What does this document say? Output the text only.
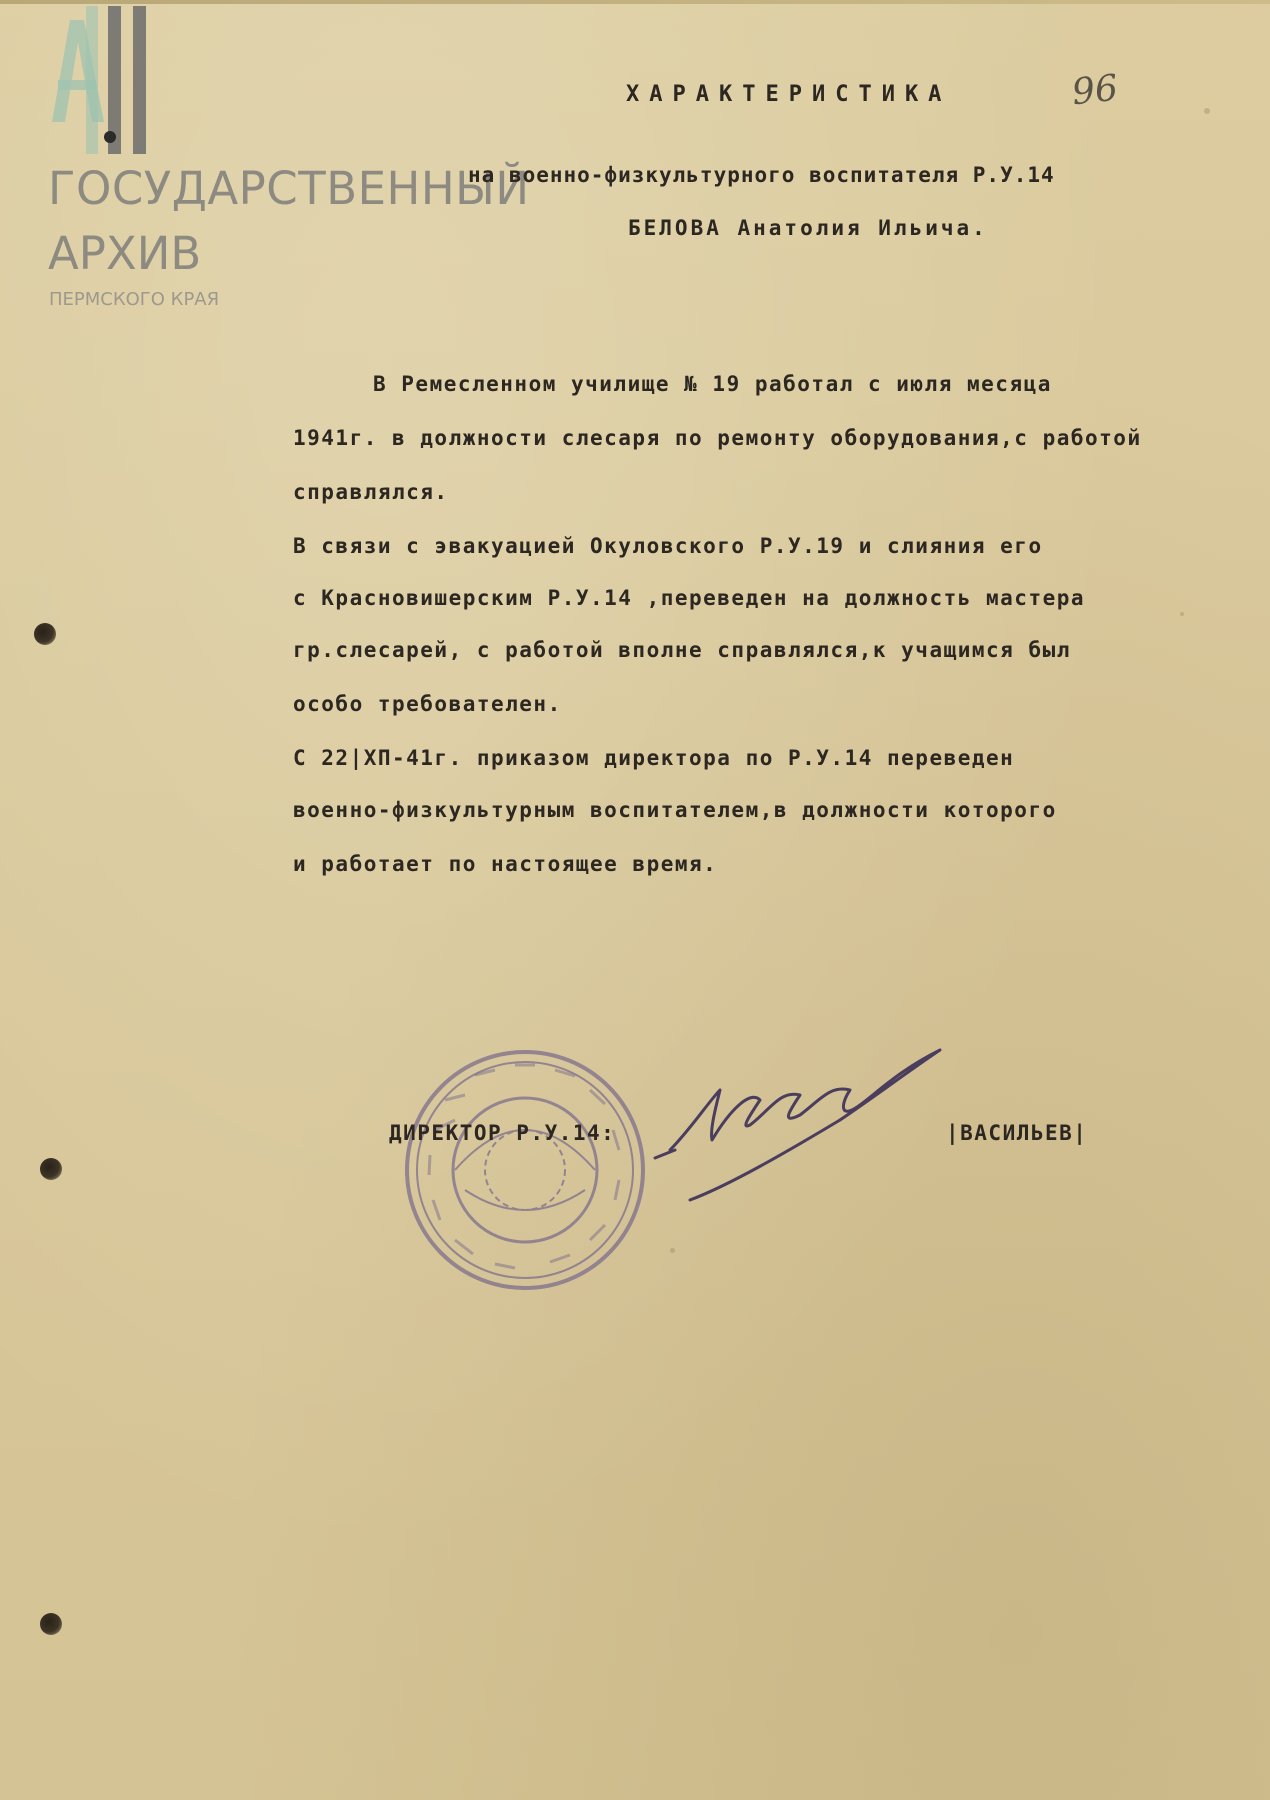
ГОСУДАРСТВЕННЫЙ
АРХИВ
ПЕРМСКОГО КРАЯ
96
ХАРАКТЕРИСТИКА
на военно-физкультурного воспитателя Р.У.14
БЕЛОВА Анатолия Ильича.
В Ремесленном училище № 19 работал с июля месяца
1941г. в должности слесаря по ремонту оборудования,с работой
справлялся.
В связи с эвакуацией Окуловского Р.У.19 и слияния его
с Красновишерским Р.У.14 ,переведен на должность мастера
гр.слесарей, с работой вполне справлялся,к учащимся был
особо требователен.
С 22|XП-41г. приказом директора по Р.У.14 переведен
военно-физкультурным воспитателем,в должности которого
и работает по настоящее время.
ДИРЕКТОР Р.У.14:	|ВАСИЛЬЕВ|
